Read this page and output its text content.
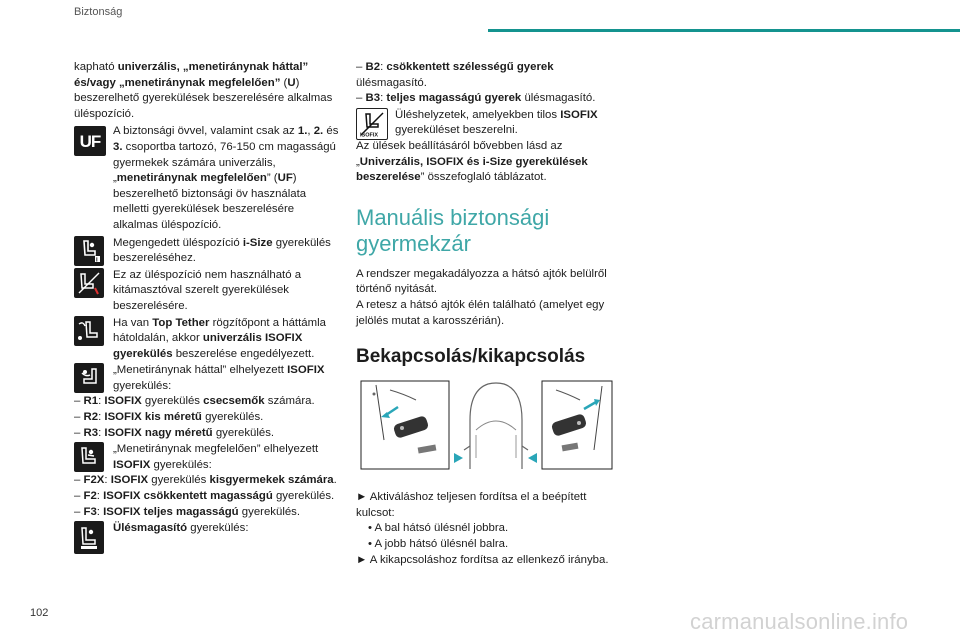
Biztonság

kapható univerzális, „menetiránynak háttal” és/vagy „menetiránynak megfelelően” (U) beszerelhető gyerekülések beszerelésére alkalmas üléspozíció.

UF
A biztonsági övvel, valamint csak az 1., 2. és 3. csoportba tartozó, 76-150 cm magasságú gyermekek számára univerzális, „menetiránynak megfelelően” (UF) beszerelhető biztonsági öv használata melletti gyerekülések beszerelésére alkalmas üléspozíció.
i
Megengedett üléspozíció i-Size gyerekülés beszereléséhez.
Ez az üléspozíció nem használható a kitámasztóval szerelt gyerekülések beszerelésére.
Ha van Top Tether rögzítőpont a háttámla hátoldalán, akkor univerzális ISOFIX gyerekülés beszerelése engedélyezett.
„Menetiránynak háttal” elhelyezett ISOFIX gyerekülés:

– R1: ISOFIX gyerekülés csecsemők számára.

– R2: ISOFIX kis méretű gyerekülés.

– R3: ISOFIX nagy méretű gyerekülés.

„Menetiránynak megfelelően” elhelyezett ISOFIX gyerekülés:

– F2X: ISOFIX gyerekülés kisgyermekek számára.

– F2: ISOFIX csökkentett magasságú gyerekülés.

– F3: ISOFIX teljes magasságú gyerekülés.

Ülésmagasító gyerekülés:

– B2: csökkentett szélességű gyerek ülésmagasító.

– B3: teljes magasságú gyerek ülésmagasító.

ISOFIX
Üléshelyzetek, amelyekben tilos ISOFIX gyereküléset beszerelni.

Az ülések beállításáról bővebben lásd az „Univerzális, ISOFIX és i-Size gyerekülések beszerelése” összefoglaló táblázatot.

Manuális biztonsági gyermekzár

A rendszer megakadályozza a hátsó ajtók belülről történő nyitását.

A retesz a hátsó ajtók élén található (amelyet egy jelölés mutat a karosszérián).

Bekapcsolás/kikapcsolás

► Aktiváláshoz teljesen fordítsa el a beépített kulcsot:

• A bal hátsó ülésnél jobbra.

• A jobb hátsó ülésnél balra.

► A kikapcsoláshoz fordítsa az ellenkező irányba.

102	carmanualsonline.info
